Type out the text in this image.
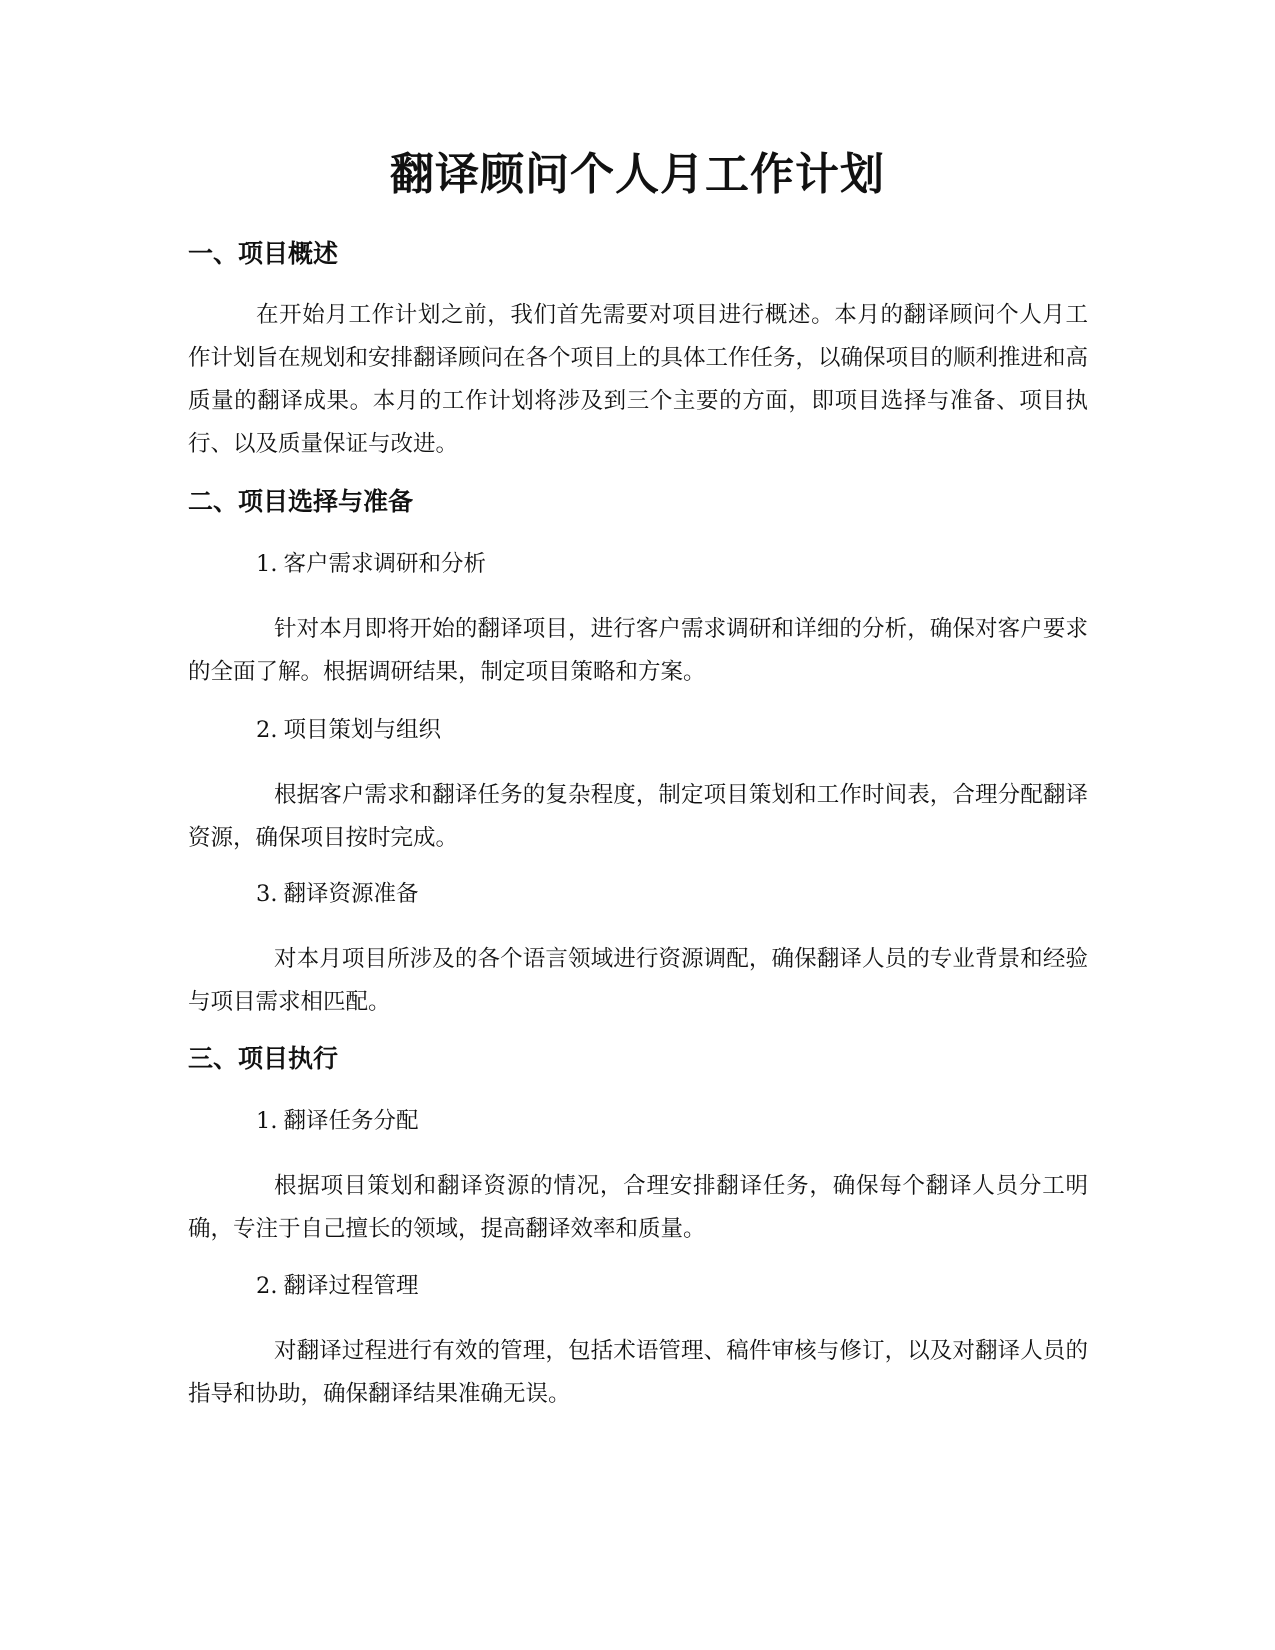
翻译顾问个人月工作计划
一、项目概述
在开始月工作计划之前，我们首先需要对项目进行概述。本月的翻译顾问个人月工作计划旨在规划和安排翻译顾问在各个项目上的具体工作任务，以确保项目的顺利推进和高质量的翻译成果。本月的工作计划将涉及到三个主要的方面，即项目选择与准备、项目执行、以及质量保证与改进。
二、项目选择与准备
1. 客户需求调研和分析
针对本月即将开始的翻译项目，进行客户需求调研和详细的分析，确保对客户要求的全面了解。根据调研结果，制定项目策略和方案。
2. 项目策划与组织
根据客户需求和翻译任务的复杂程度，制定项目策划和工作时间表，合理分配翻译资源，确保项目按时完成。
3. 翻译资源准备
对本月项目所涉及的各个语言领域进行资源调配，确保翻译人员的专业背景和经验与项目需求相匹配。
三、项目执行
1. 翻译任务分配
根据项目策划和翻译资源的情况，合理安排翻译任务，确保每个翻译人员分工明确，专注于自己擅长的领域，提高翻译效率和质量。
2. 翻译过程管理
对翻译过程进行有效的管理，包括术语管理、稿件审核与修订，以及对翻译人员的指导和协助，确保翻译结果准确无误。
